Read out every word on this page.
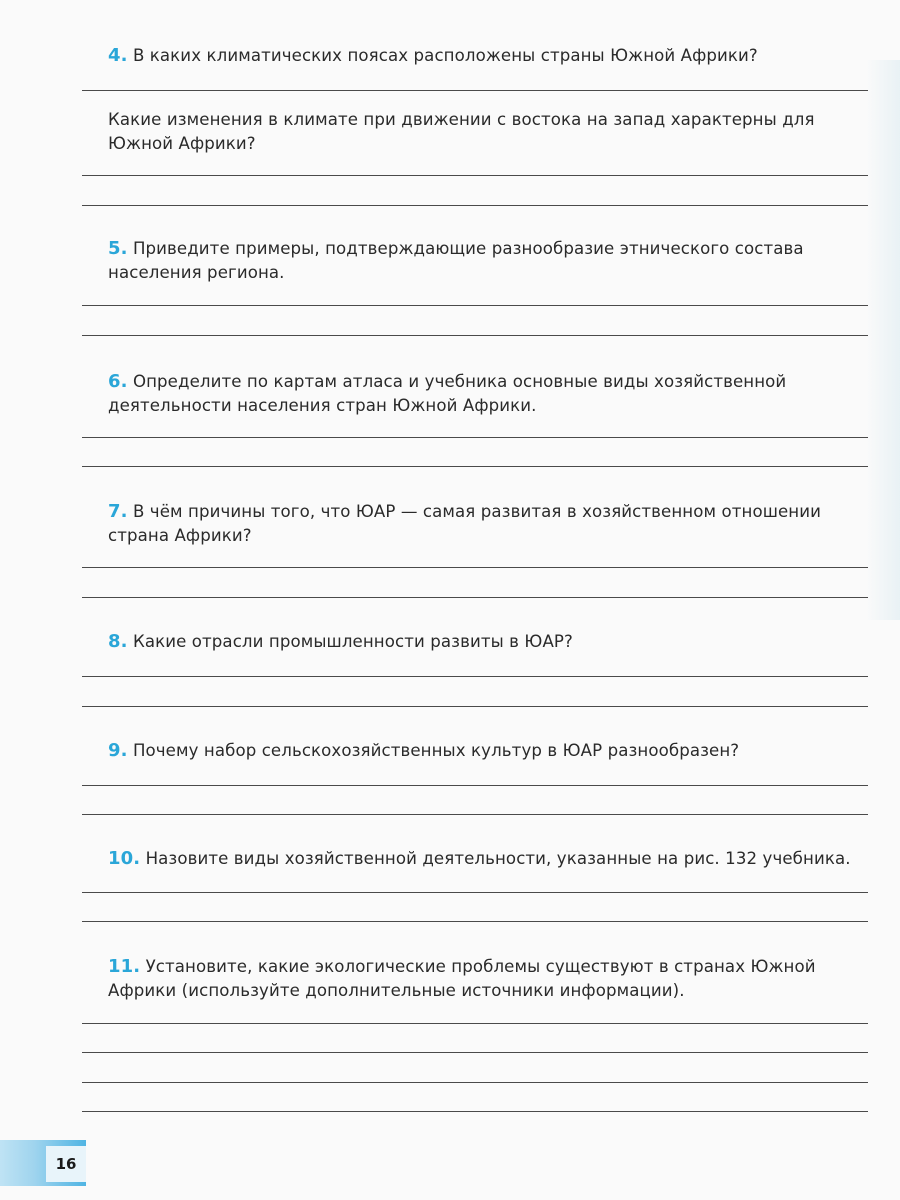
4. В каких климатических поясах расположены страны Южной Африки?
Какие изменения в климате при движении с востока на запад характерны для Южной Африки?
5. Приведите примеры, подтверждающие разнообразие этнического состава населения региона.
6. Определите по картам атласа и учебника основные виды хозяйственной деятельности населения стран Южной Африки.
7. В чём причины того, что ЮАР — самая развитая в хозяйственном отношении страна Африки?
8. Какие отрасли промышленности развиты в ЮАР?
9. Почему набор сельскохозяйственных культур в ЮАР разнообразен?
10. Назовите виды хозяйственной деятельности, указанные на рис. 132 учебника.
11. Установите, какие экологические проблемы существуют в странах Южной Африки (используйте дополнительные источники информации).
16
